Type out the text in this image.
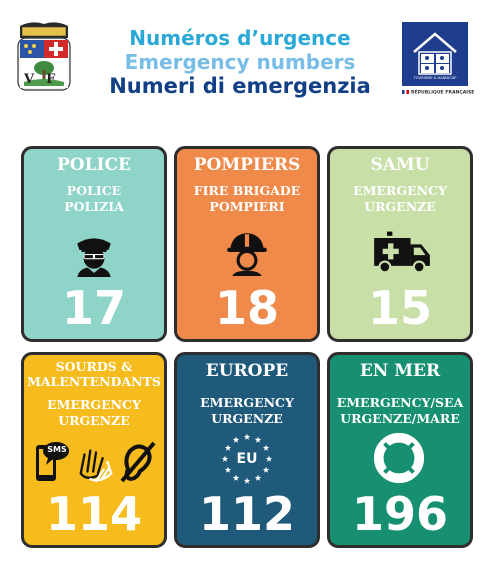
VF
Numéros d’urgence
Emergency numbers
Numeri di emergenzia	TOURISME & HANDICAP
RÉPUBLIQUE FRANÇAISE
POLICE
POLICE
POLIZIA
17
POMPIERS
FIRE BRIGADE
POMPIERI
18
SAMU
EMERGENCY
URGENZE
15
SOURDS &
MALENTENDANTS
EMERGENCY
URGENZE
SMS
114
EUROPE
EMERGENCY
URGENZE
EU
112
EN MER
EMERGENCY/SEA
URGENZE/MARE
196
